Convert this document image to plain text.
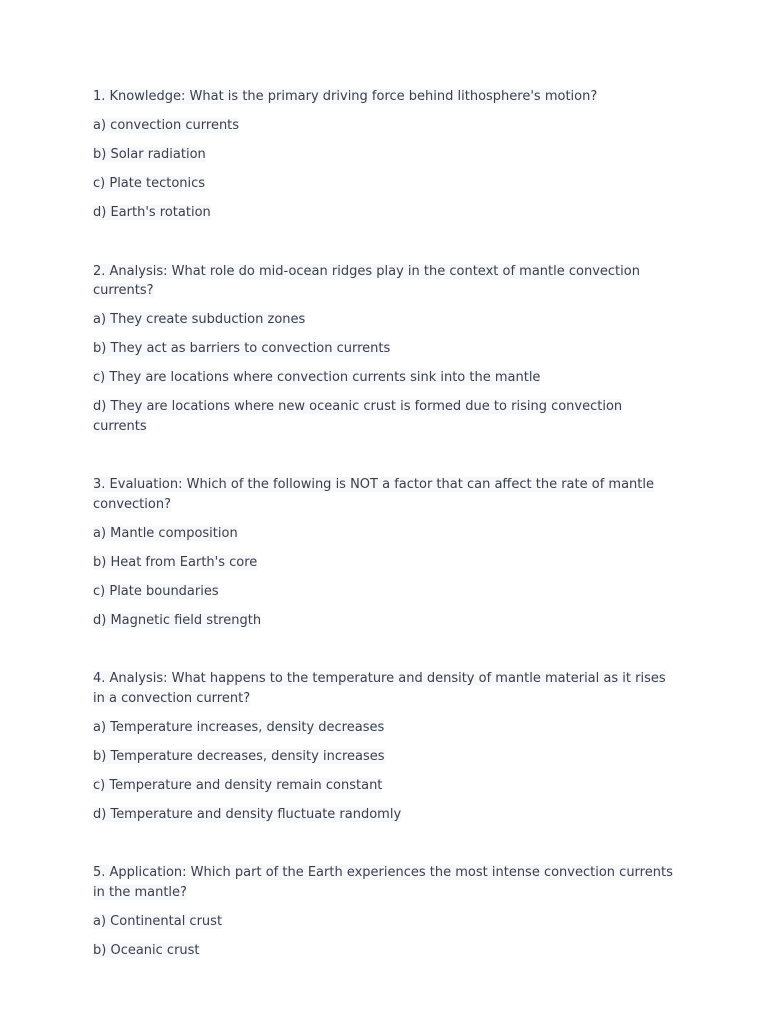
1. Knowledge: What is the primary driving force behind lithosphere's motion?
a) convection currents
b) Solar radiation
c) Plate tectonics
d) Earth's rotation
2. Analysis: What role do mid-ocean ridges play in the context of mantle convection currents?
a) They create subduction zones
b) They act as barriers to convection currents
c) They are locations where convection currents sink into the mantle
d) They are locations where new oceanic crust is formed due to rising convection currents
3. Evaluation: Which of the following is NOT a factor that can affect the rate of mantle convection?
a) Mantle composition
b) Heat from Earth's core
c) Plate boundaries
d) Magnetic field strength
4. Analysis: What happens to the temperature and density of mantle material as it rises in a convection current?
a) Temperature increases, density decreases
b) Temperature decreases, density increases
c) Temperature and density remain constant
d) Temperature and density fluctuate randomly
5. Application: Which part of the Earth experiences the most intense convection currents in the mantle?
a) Continental crust
b) Oceanic crust
